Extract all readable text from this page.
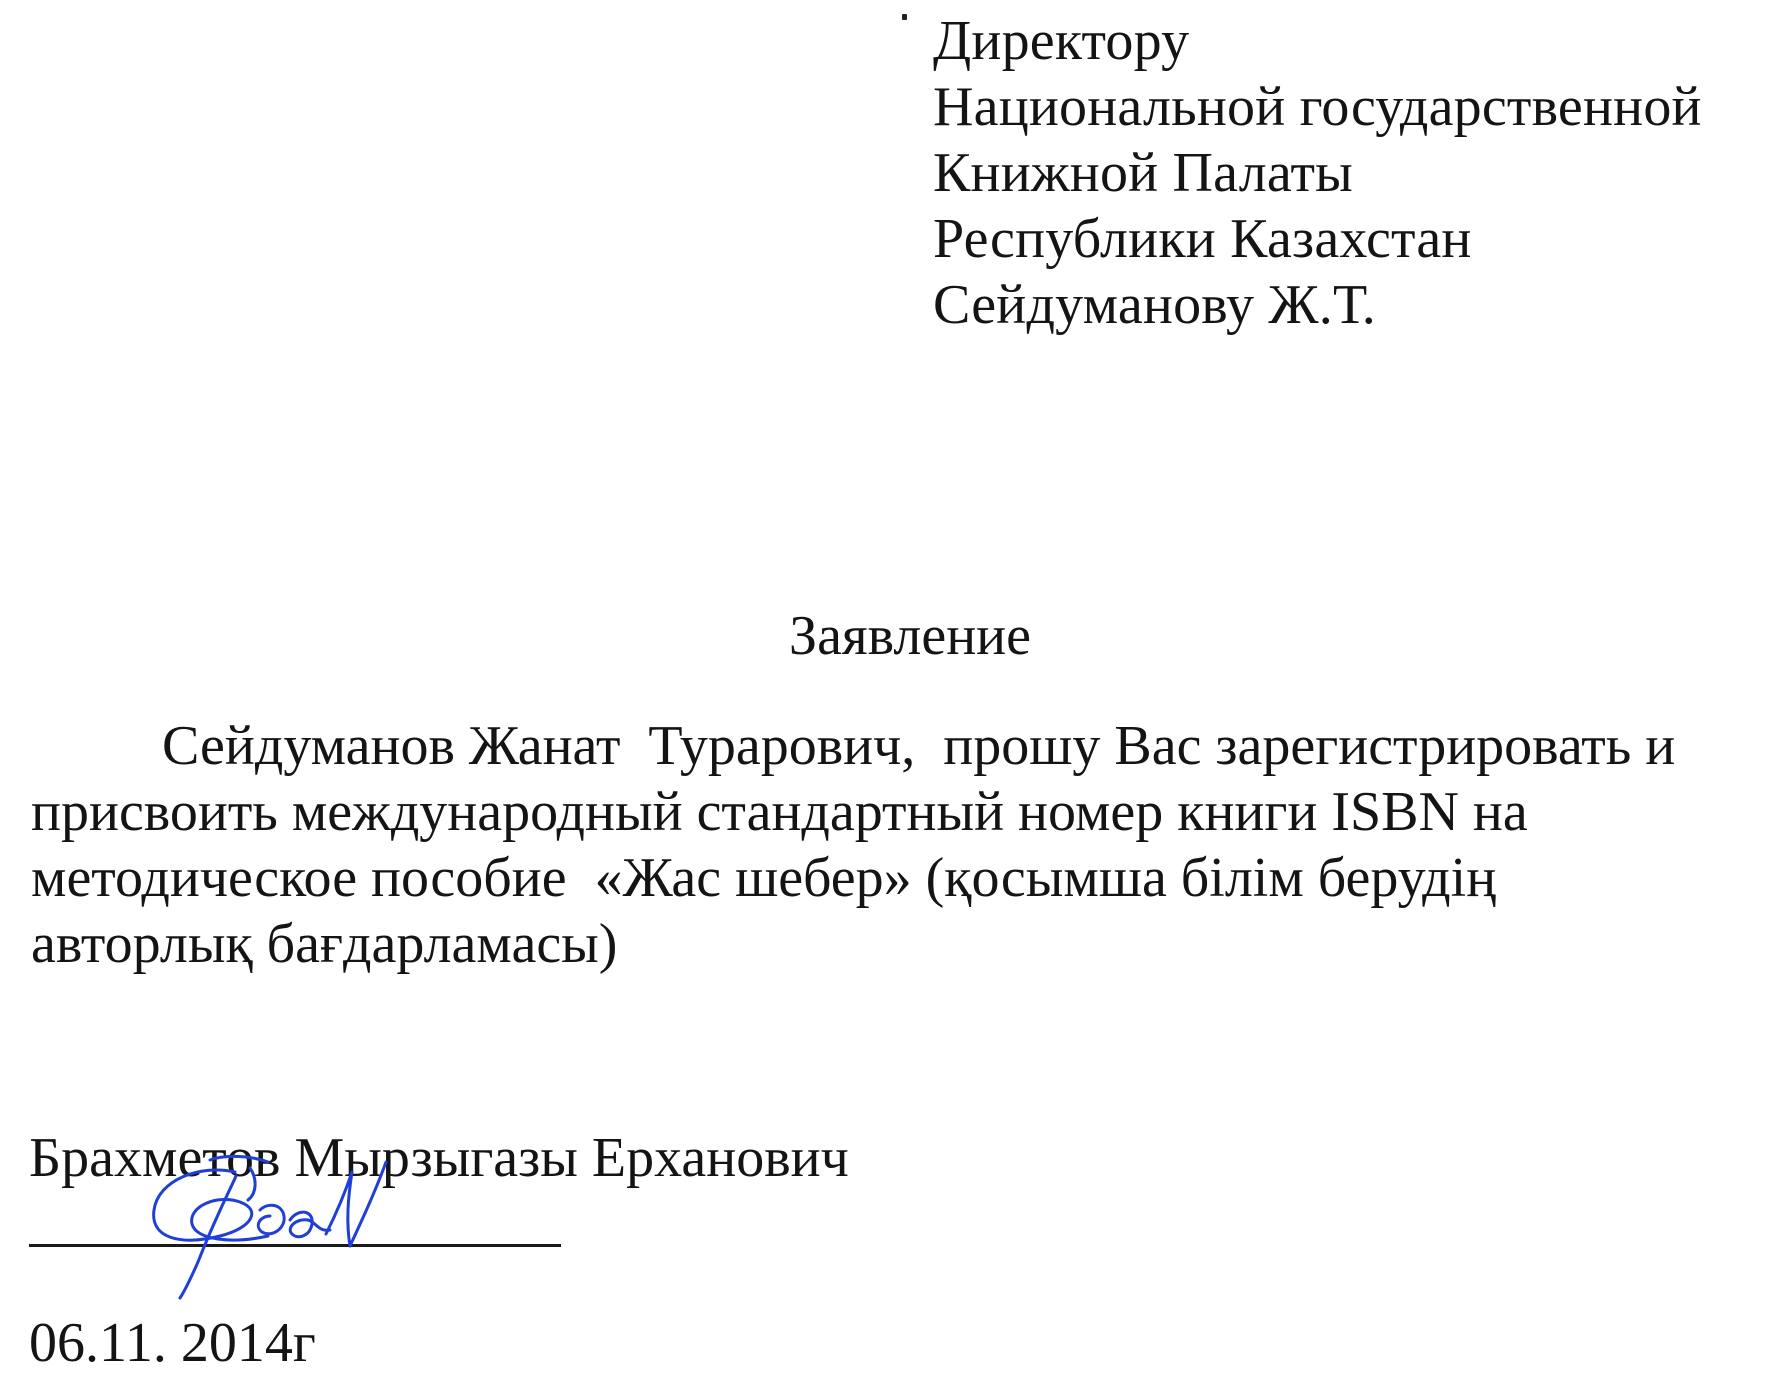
Директору
Национальной государственной
Книжной Палаты
Республики Казахстан
Сейдуманову Ж.Т.
Заявление
Сейдуманов Жанат  Турарович,  прошу Вас зарегистрировать и
присвоить международный стандартный номер книги ISBN на
методическое пособие  «Жас шебер» (қосымша білім берудің
авторлық бағдарламасы)
Брахметов Мырзыгазы Ерханович
06.11. 2014г
